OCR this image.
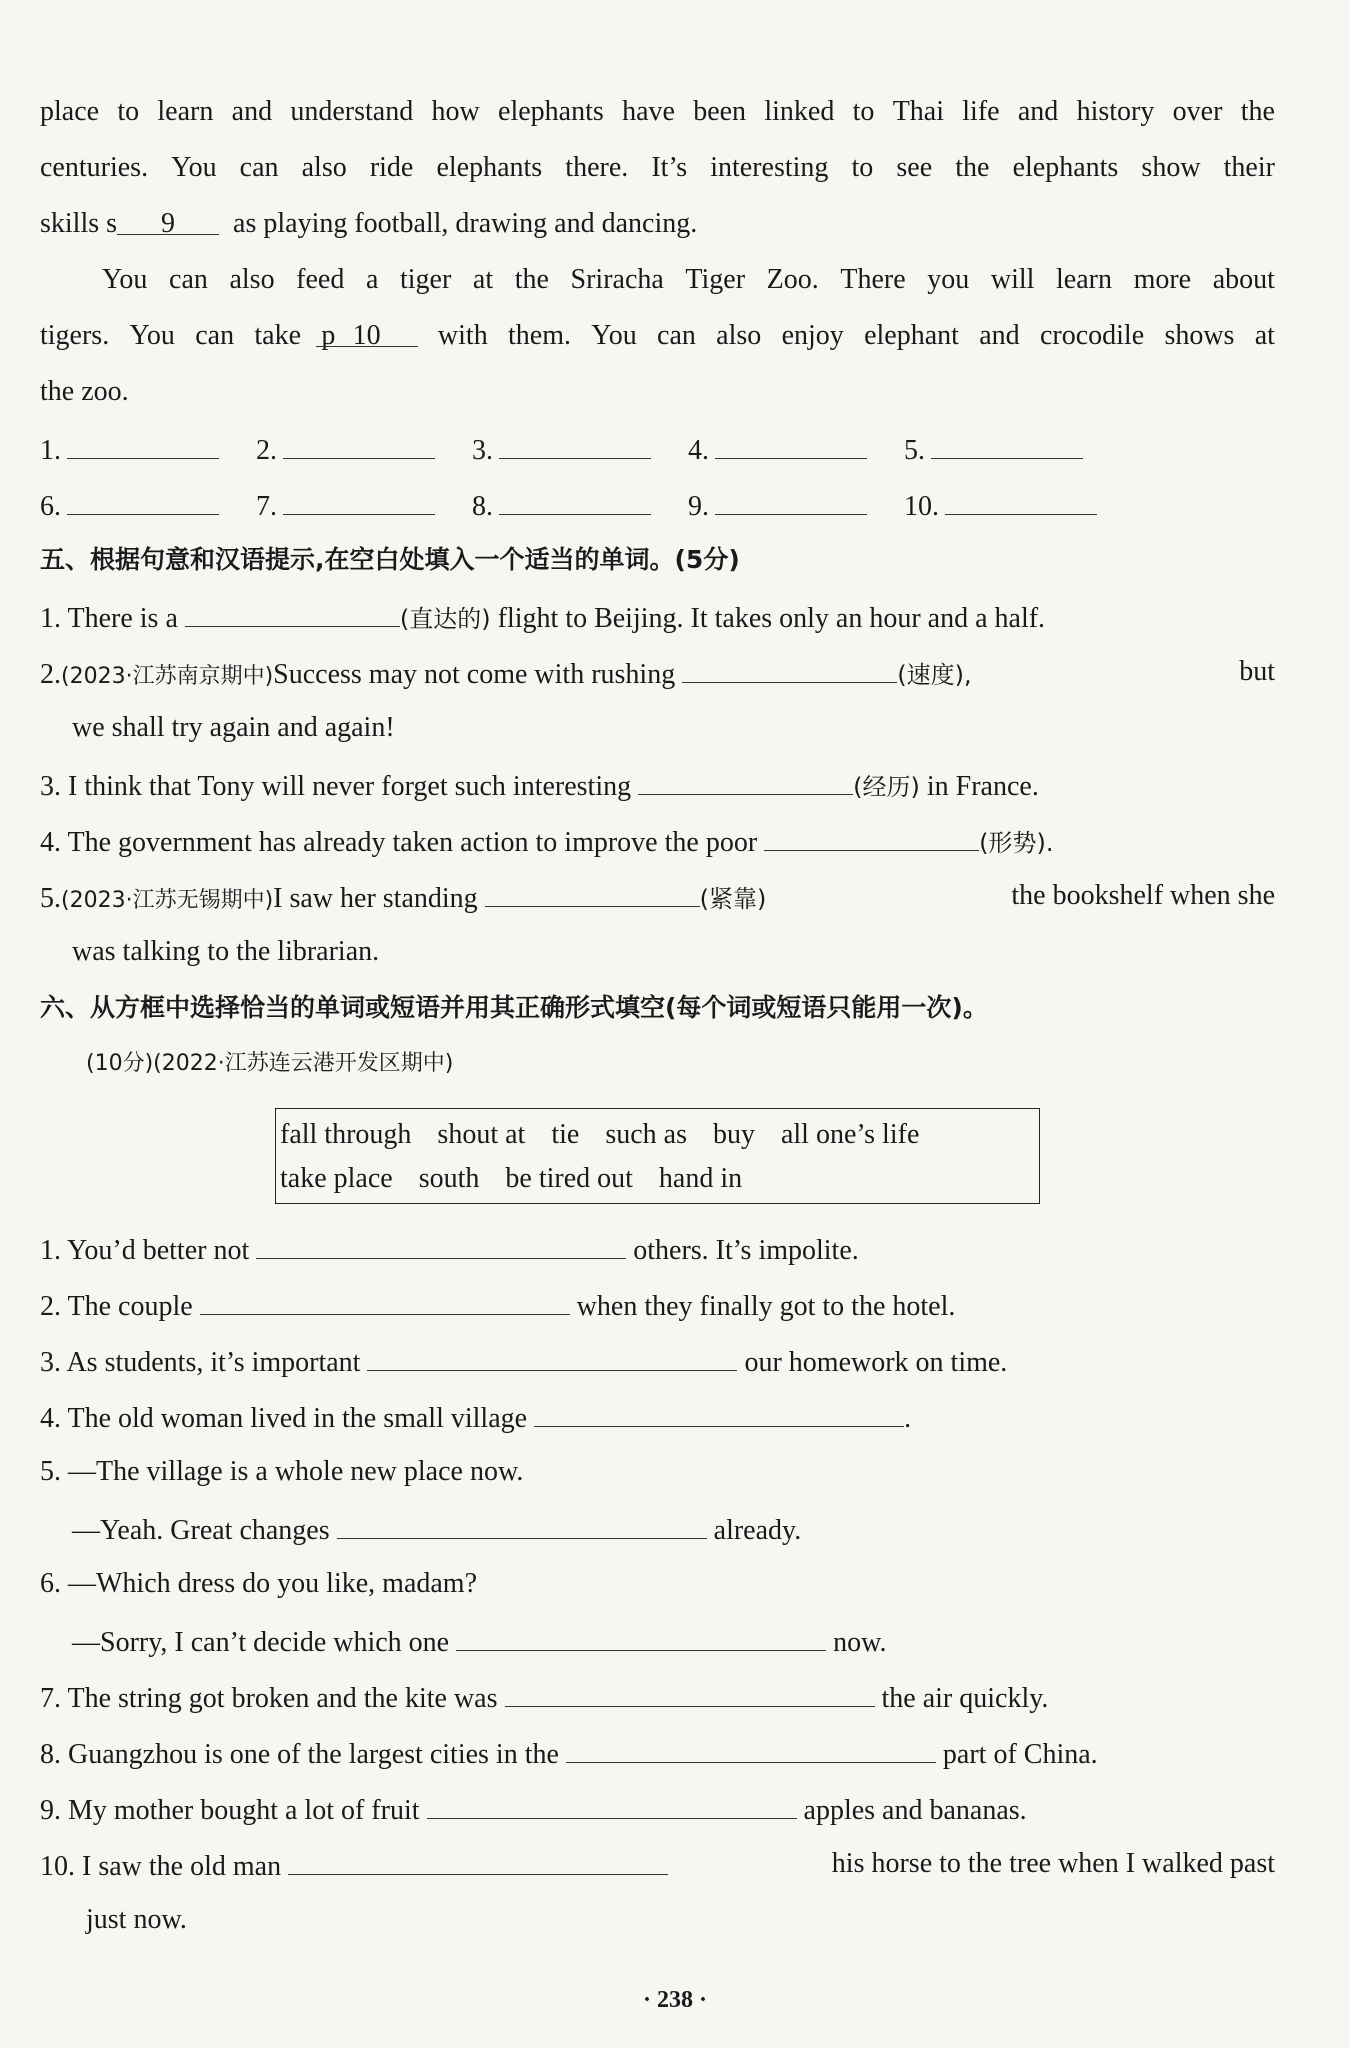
place to learn and understand how elephants have been linked to Thai life and history over the
centuries. You can also ride elephants there. It’s interesting to see the elephants show their
skills s 9 as playing football, drawing and dancing.
You can also feed a tiger at the Sriracha Tiger Zoo. There you will learn more about
tigers. You can take p 10	with them. You can also enjoy elephant and crocodile shows at
the zoo.
1.	2.	3.	4.	5.
6.	7.	8.	9.	10.
五、根据句意和汉语提示,在空白处填入一个适当的单词。(5分)
1. There is a	(直达的) flight to Beijing. It takes only an hour and a half.
2.(2023·江苏南京期中)Success may not come with rushing	(速度),	but
we shall try again and again!
3. I think that Tony will never forget such interesting	(经历) in France.
4. The government has already taken action to improve the poor	(形势).
5.(2023·江苏无锡期中)I saw her standing	(紧靠)	the bookshelf when she
was talking to the librarian.
六、从方框中选择恰当的单词或短语并用其正确形式填空(每个词或短语只能用一次)。
(10分)(2022·江苏连云港开发区期中)
fall through shout at tie such as buy all one’s life
take place south be tired out hand in
1. You’d better not	others. It’s impolite.
2. The couple	when they finally got to the hotel.
3. As students, it’s important	our homework on time.
4. The old woman lived in the small village	.
5. —The village is a whole new place now.
—Yeah. Great changes	already.
6. —Which dress do you like, madam?
—Sorry, I can’t decide which one	now.
7. The string got broken and the kite was	the air quickly.
8. Guangzhou is one of the largest cities in the	part of China.
9. My mother bought a lot of fruit	apples and bananas.
10. I saw the old man	his horse to the tree when I walked past
just now.
· 238 ·
